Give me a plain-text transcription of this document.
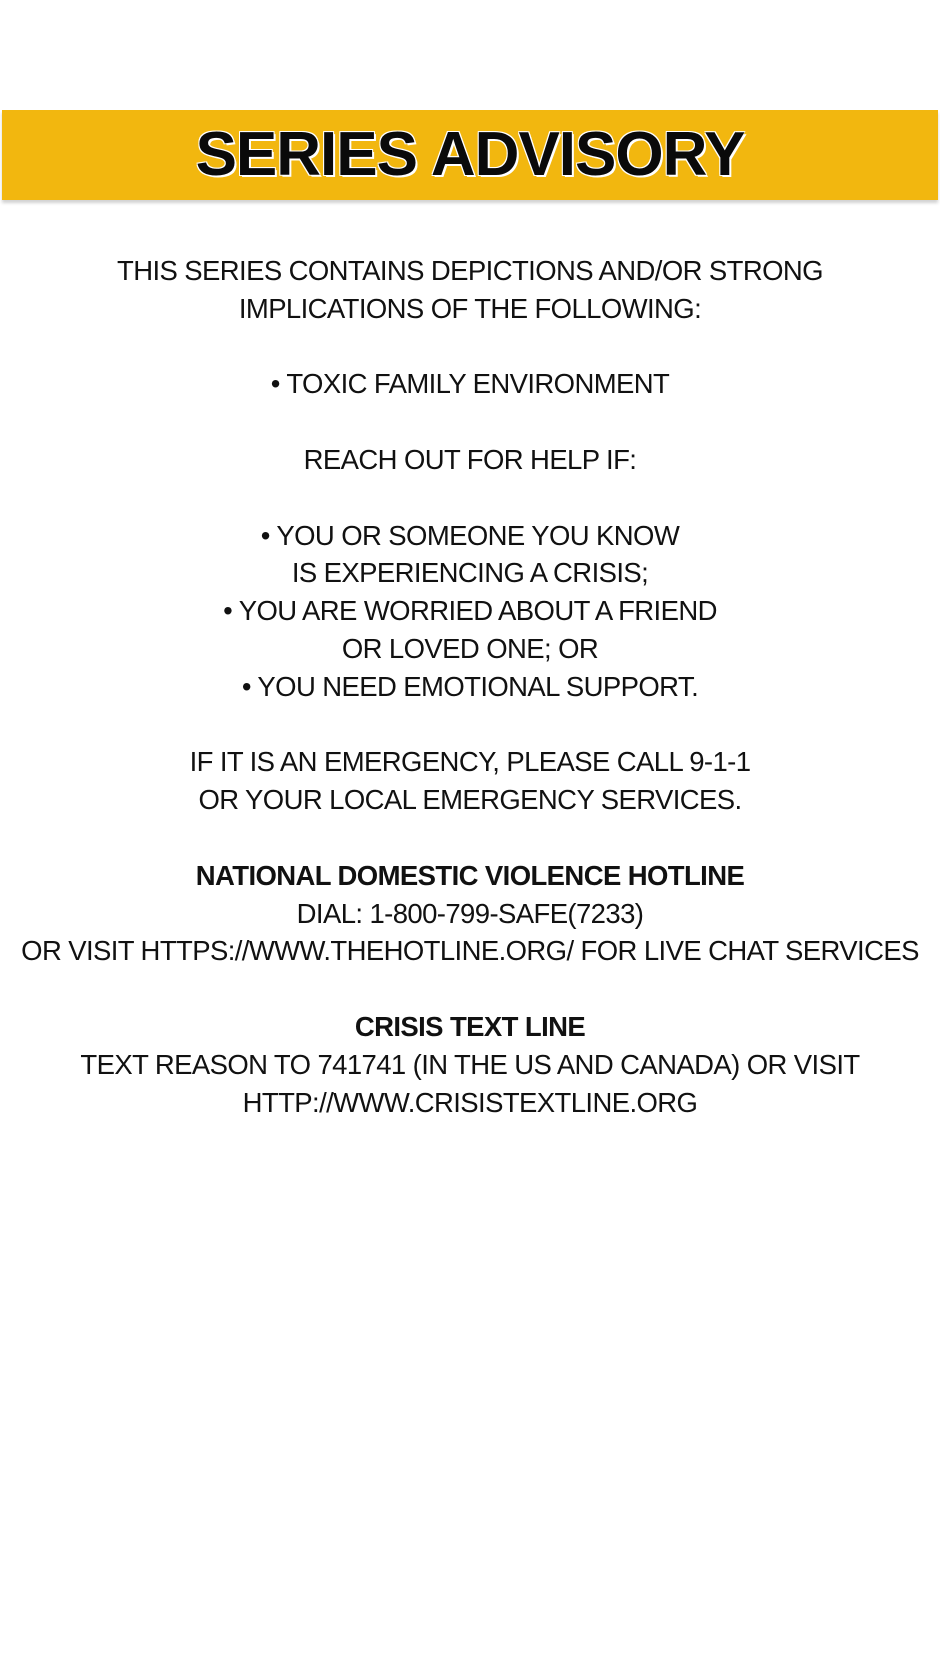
SERIES ADVISORY
THIS SERIES CONTAINS DEPICTIONS AND/OR STRONG
IMPLICATIONS OF THE FOLLOWING:
• TOXIC FAMILY ENVIRONMENT
REACH OUT FOR HELP IF:
• YOU OR SOMEONE YOU KNOW
IS EXPERIENCING A CRISIS;
• YOU ARE WORRIED ABOUT A FRIEND
OR LOVED ONE; OR
• YOU NEED EMOTIONAL SUPPORT.
IF IT IS AN EMERGENCY, PLEASE CALL 9-1-1
OR YOUR LOCAL EMERGENCY SERVICES.
NATIONAL DOMESTIC VIOLENCE HOTLINE
DIAL: 1-800-799-SAFE(7233)
OR VISIT HTTPS://WWW.THEHOTLINE.ORG/ FOR LIVE CHAT SERVICES
CRISIS TEXT LINE
TEXT REASON TO 741741 (IN THE US AND CANADA) OR VISIT
HTTP://WWW.CRISISTEXTLINE.ORG
